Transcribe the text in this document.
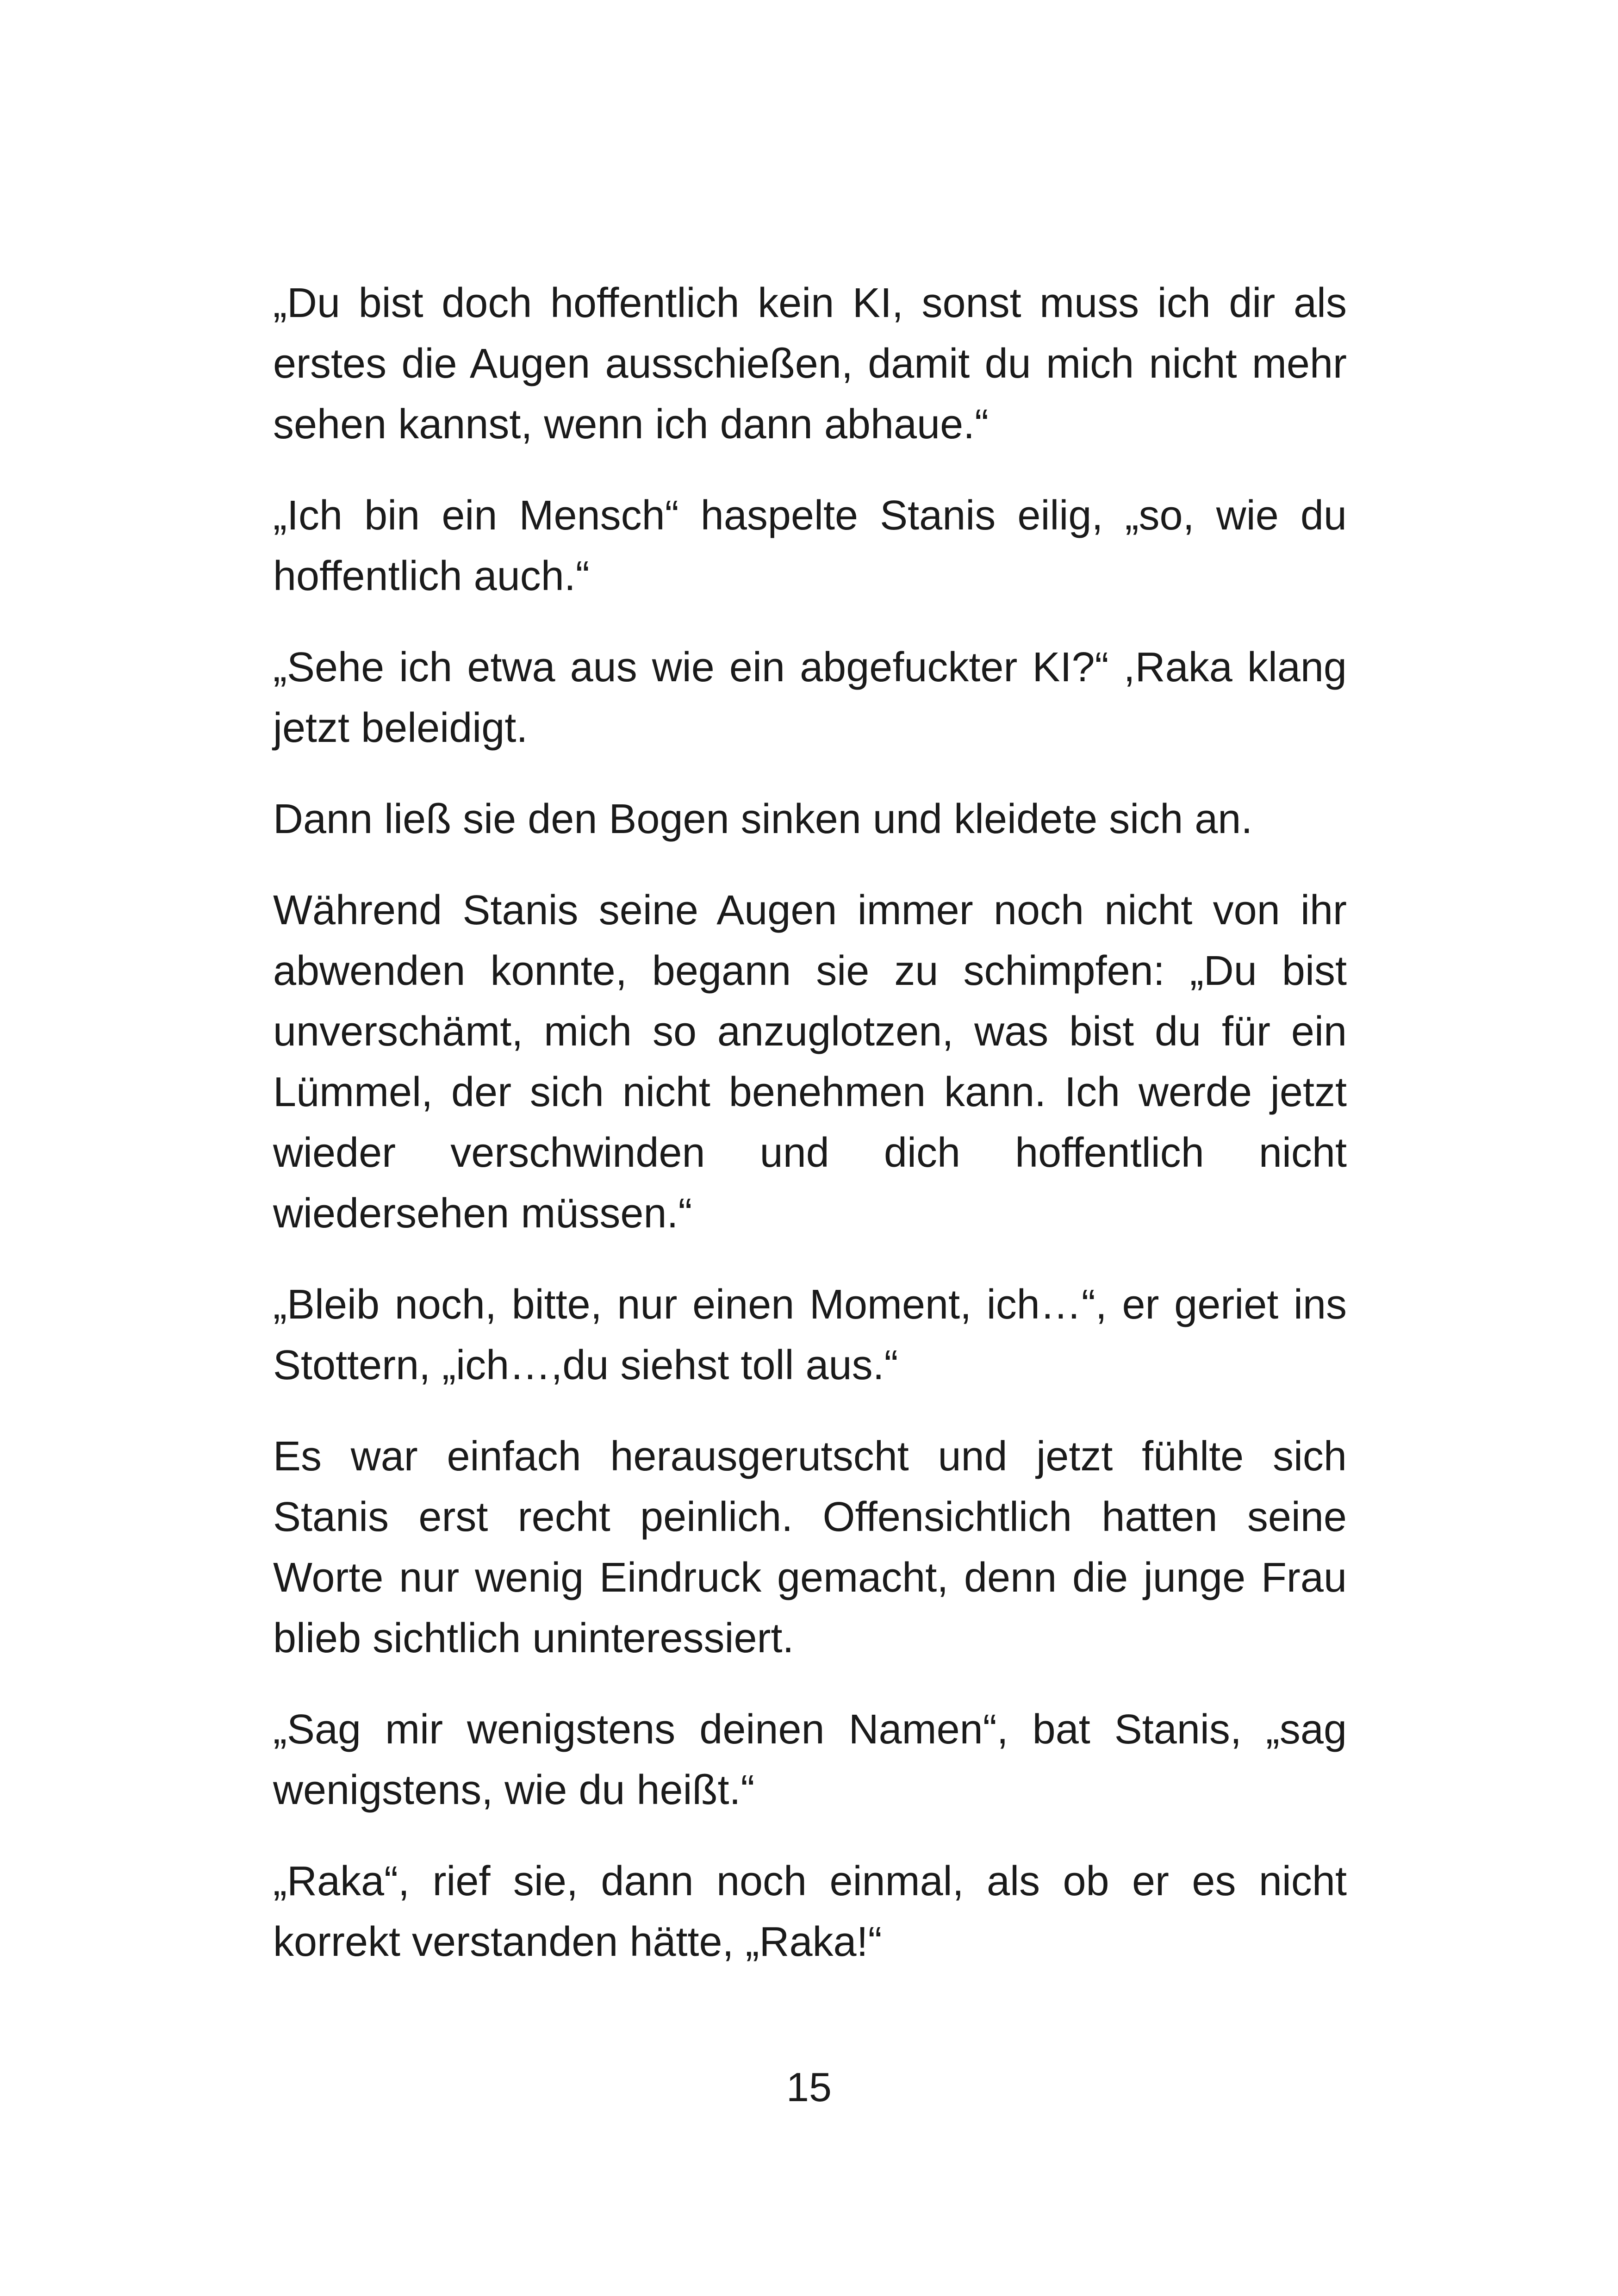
„Du bist doch hoffentlich kein KI, sonst muss ich dir als erstes die Augen ausschießen, damit du mich nicht mehr sehen kannst, wenn ich dann abhaue.“

„Ich bin ein Mensch“ haspelte Stanis eilig, „so, wie du hoffentlich auch.“

„Sehe ich etwa aus wie ein abgefuckter KI?“ ,Raka klang jetzt beleidigt.

Dann ließ sie den Bogen sinken und kleidete sich an.

Während Stanis seine Augen immer noch nicht von ihr abwenden konnte, begann sie zu schimpfen: „Du bist unverschämt, mich so anzuglotzen, was bist du für ein Lümmel, der sich nicht benehmen kann. Ich werde jetzt wieder verschwinden und dich hoffentlich nicht wiedersehen müssen.“

„Bleib noch, bitte, nur einen Moment, ich…“, er geriet ins Stottern, „ich…,du siehst toll aus.“

Es war einfach herausgerutscht und jetzt fühlte sich Stanis erst recht peinlich. Offensichtlich hatten seine Worte nur wenig Eindruck gemacht, denn die junge Frau blieb sichtlich uninteressiert.

„Sag mir wenigstens deinen Namen“, bat Stanis, „sag wenigstens, wie du heißt.“

„Raka“, rief sie, dann noch einmal, als ob er es nicht korrekt verstanden hätte, „Raka!“

15
